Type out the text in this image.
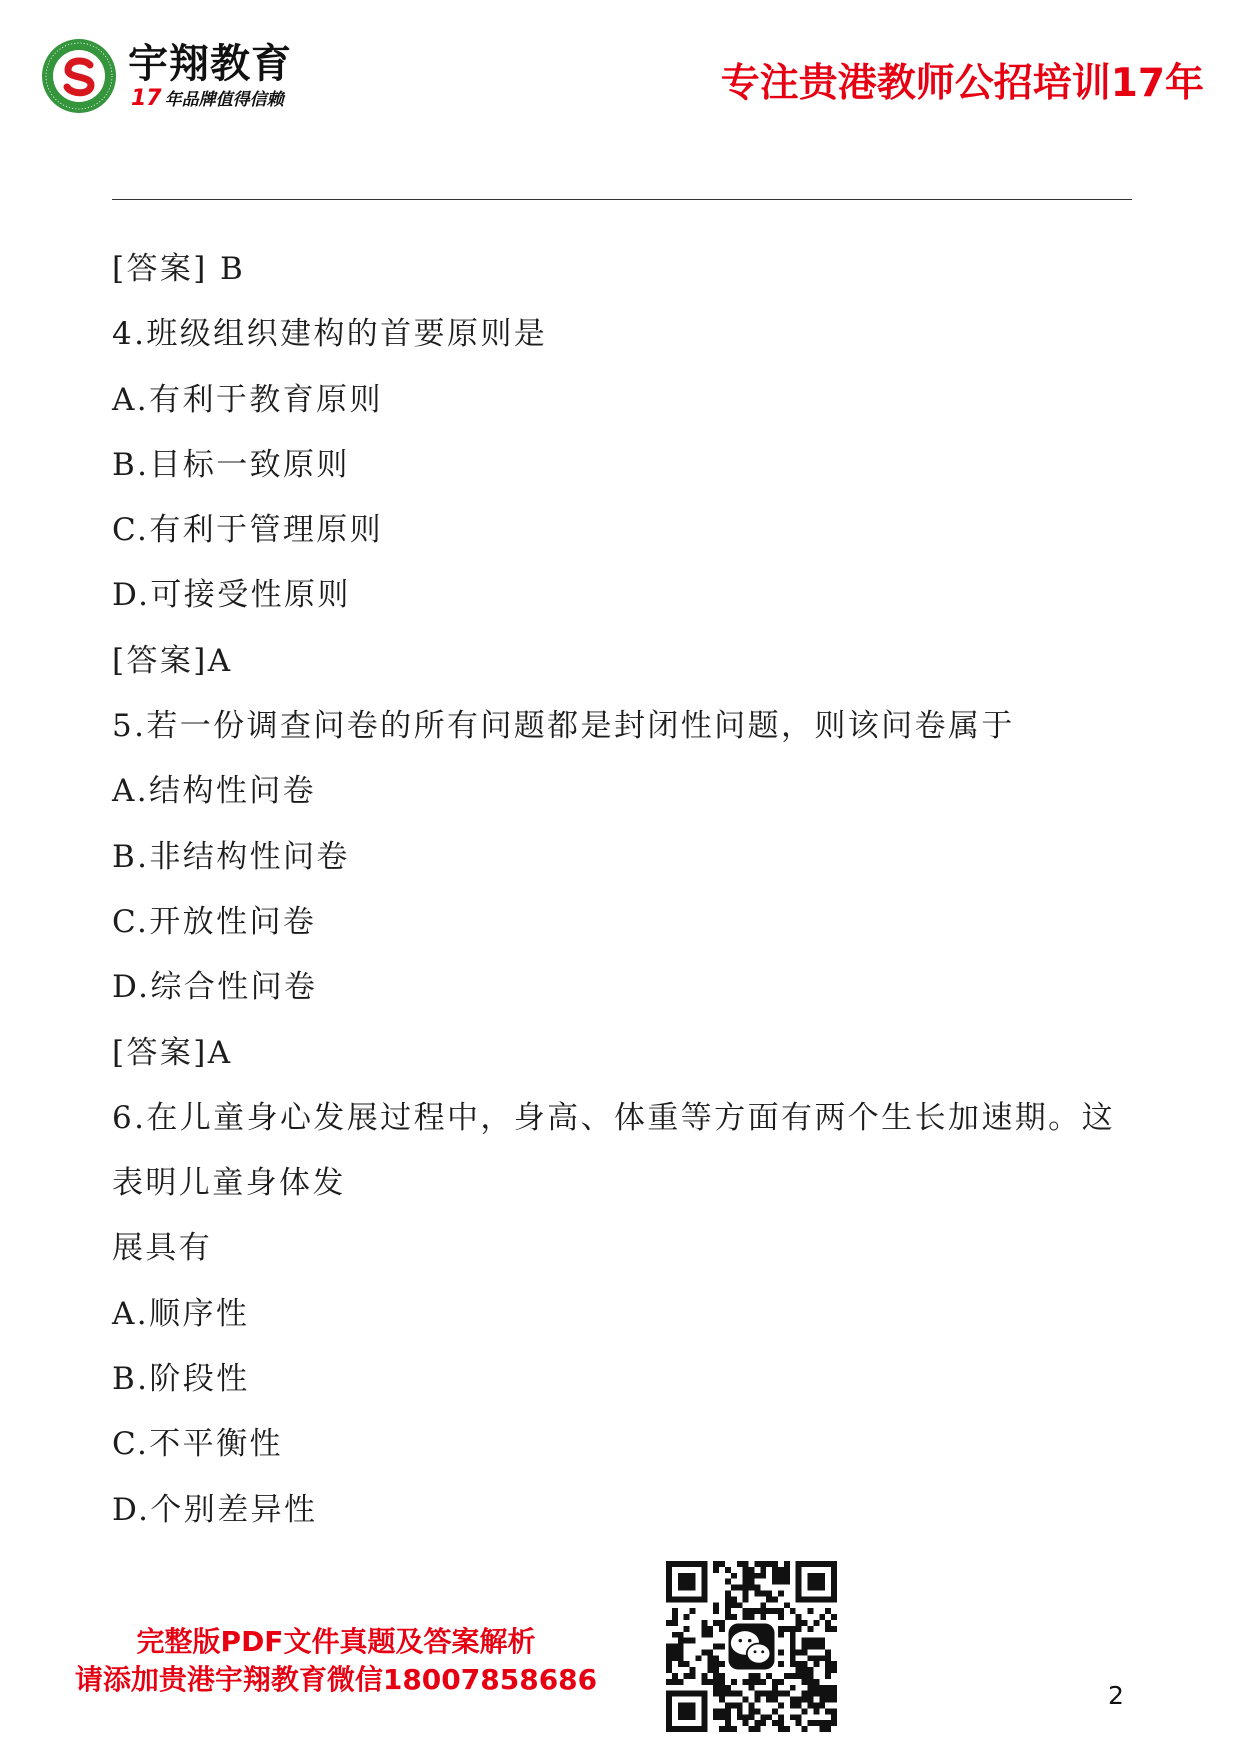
宇翔教育
17 年品牌值得信赖	专注贵港教师公招培训17年
[答案] B
4.班级组织建构的首要原则是
A.有利于教育原则
B.目标一致原则
C.有利于管理原则
D.可接受性原则
[答案]A
5.若一份调查问卷的所有问题都是封闭性问题，则该问卷属于
A.结构性问卷
B.非结构性问卷
C.开放性问卷
D.综合性问卷
[答案]A
6.在儿童身心发展过程中，身高、体重等方面有两个生长加速期。这
表明儿童身体发
展具有
A.顺序性
B.阶段性
C.不平衡性
D.个别差异性
完整版PDF文件真题及答案解析
请添加贵港宇翔教育微信18007858686	2
